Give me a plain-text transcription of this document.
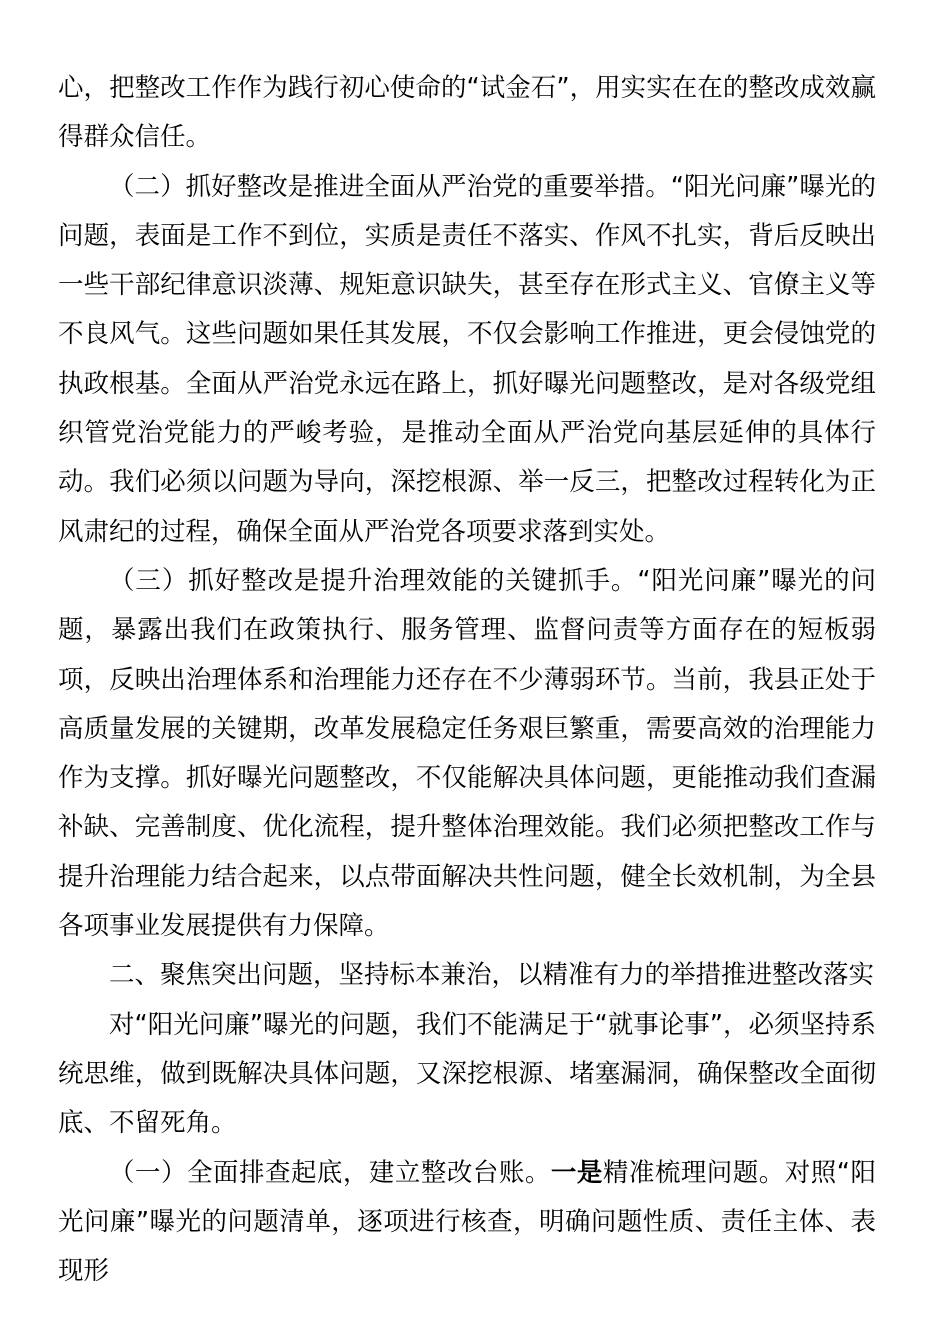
心，把整改工作作为践行初心使命的“试金石”，用实实在在的整改成效赢得群众信任。

（二）抓好整改是推进全面从严治党的重要举措。“阳光问廉”曝光的问题，表面是工作不到位，实质是责任不落实、作风不扎实，背后反映出一些干部纪律意识淡薄、规矩意识缺失，甚至存在形式主义、官僚主义等不良风气。这些问题如果任其发展，不仅会影响工作推进，更会侵蚀党的执政根基。全面从严治党永远在路上，抓好曝光问题整改，是对各级党组织管党治党能力的严峻考验，是推动全面从严治党向基层延伸的具体行动。我们必须以问题为导向，深挖根源、举一反三，把整改过程转化为正风肃纪的过程，确保全面从严治党各项要求落到实处。

（三）抓好整改是提升治理效能的关键抓手。“阳光问廉”曝光的问题，暴露出我们在政策执行、服务管理、监督问责等方面存在的短板弱项，反映出治理体系和治理能力还存在不少薄弱环节。当前，我县正处于高质量发展的关键期，改革发展稳定任务艰巨繁重，需要高效的治理能力作为支撑。抓好曝光问题整改，不仅能解决具体问题，更能推动我们查漏补缺、完善制度、优化流程，提升整体治理效能。我们必须把整改工作与提升治理能力结合起来，以点带面解决共性问题，健全长效机制，为全县各项事业发展提供有力保障。

二、聚焦突出问题，坚持标本兼治，以精准有力的举措推进整改落实

对“阳光问廉”曝光的问题，我们不能满足于“就事论事”，必须坚持系统思维，做到既解决具体问题，又深挖根源、堵塞漏洞，确保整改全面彻底、不留死角。

（一）全面排查起底，建立整改台账。一是精准梳理问题。对照“阳光问廉”曝光的问题清单，逐项进行核查，明确问题性质、责任主体、表现形
